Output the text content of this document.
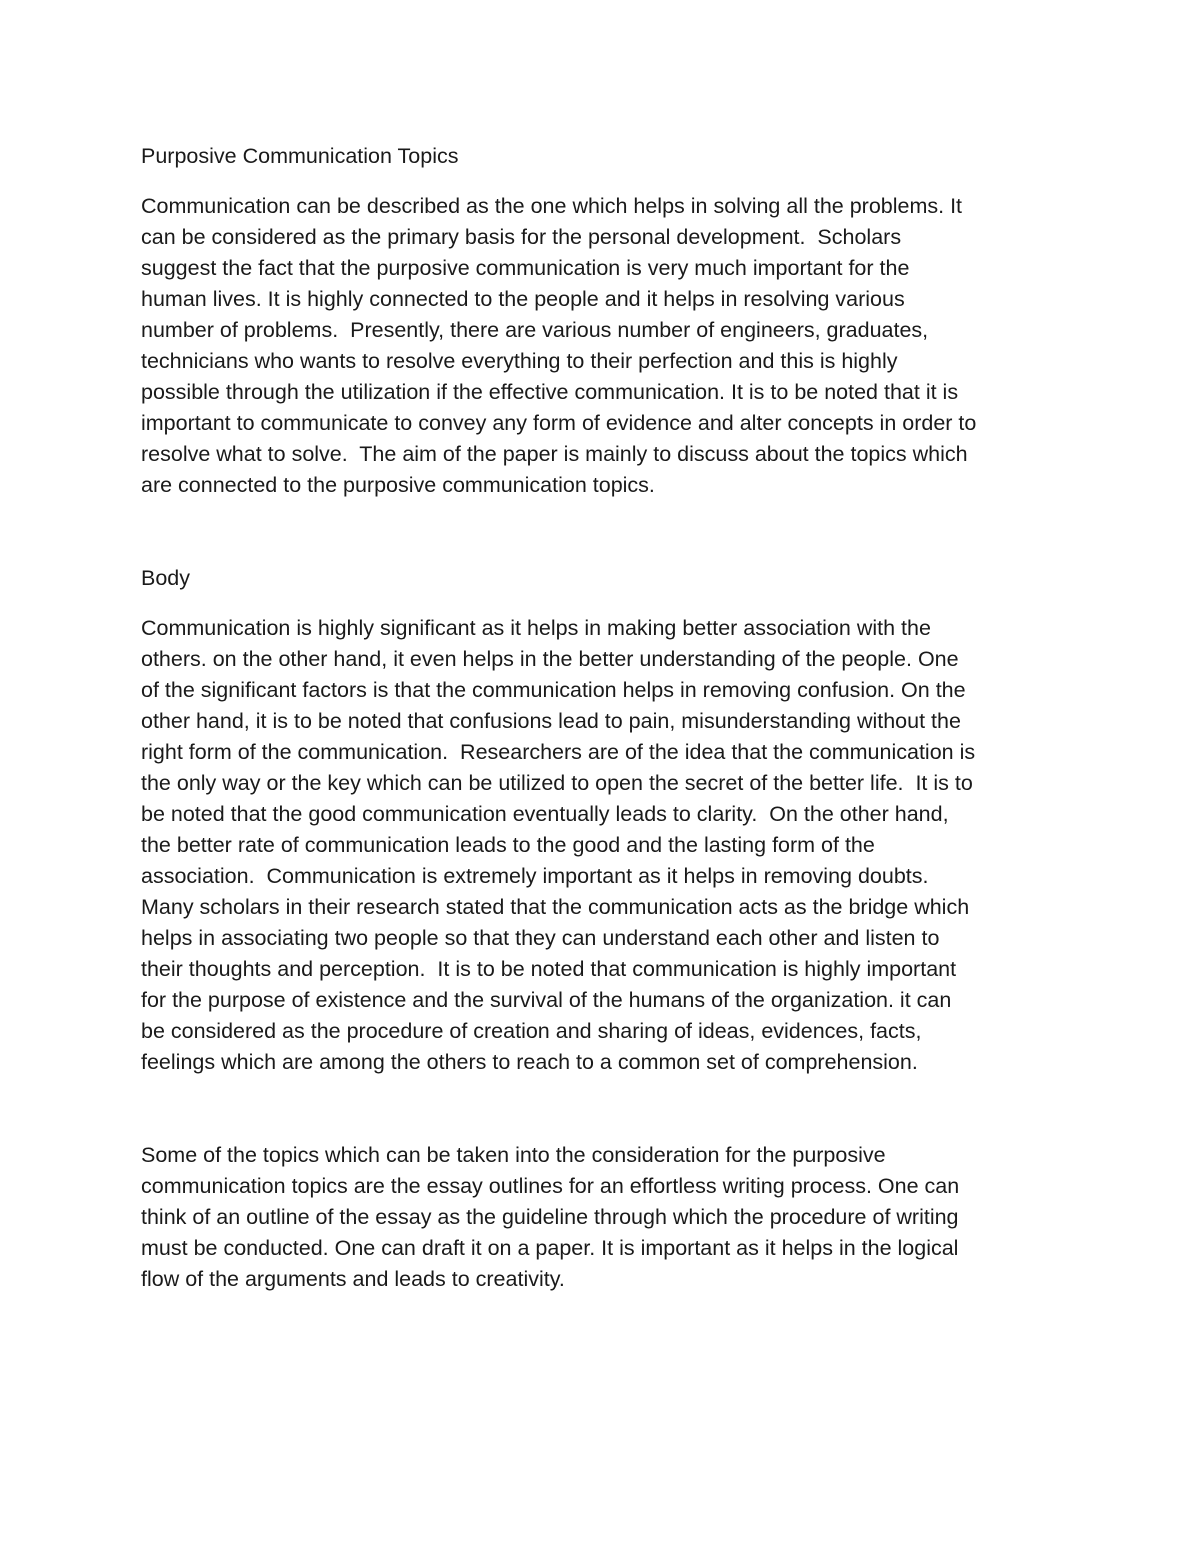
Purposive Communication Topics
Communication can be described as the one which helps in solving all the problems. It
can be considered as the primary basis for the personal development.  Scholars
suggest the fact that the purposive communication is very much important for the
human lives. It is highly connected to the people and it helps in resolving various
number of problems.  Presently, there are various number of engineers, graduates,
technicians who wants to resolve everything to their perfection and this is highly
possible through the utilization if the effective communication. It is to be noted that it is
important to communicate to convey any form of evidence and alter concepts in order to
resolve what to solve.  The aim of the paper is mainly to discuss about the topics which
are connected to the purposive communication topics.
Body
Communication is highly significant as it helps in making better association with the
others. on the other hand, it even helps in the better understanding of the people. One
of the significant factors is that the communication helps in removing confusion. On the
other hand, it is to be noted that confusions lead to pain, misunderstanding without the
right form of the communication.  Researchers are of the idea that the communication is
the only way or the key which can be utilized to open the secret of the better life.  It is to
be noted that the good communication eventually leads to clarity.  On the other hand,
the better rate of communication leads to the good and the lasting form of the
association.  Communication is extremely important as it helps in removing doubts.
Many scholars in their research stated that the communication acts as the bridge which
helps in associating two people so that they can understand each other and listen to
their thoughts and perception.  It is to be noted that communication is highly important
for the purpose of existence and the survival of the humans of the organization. it can
be considered as the procedure of creation and sharing of ideas, evidences, facts,
feelings which are among the others to reach to a common set of comprehension.
Some of the topics which can be taken into the consideration for the purposive
communication topics are the essay outlines for an effortless writing process. One can
think of an outline of the essay as the guideline through which the procedure of writing
must be conducted. One can draft it on a paper. It is important as it helps in the logical
flow of the arguments and leads to creativity.
